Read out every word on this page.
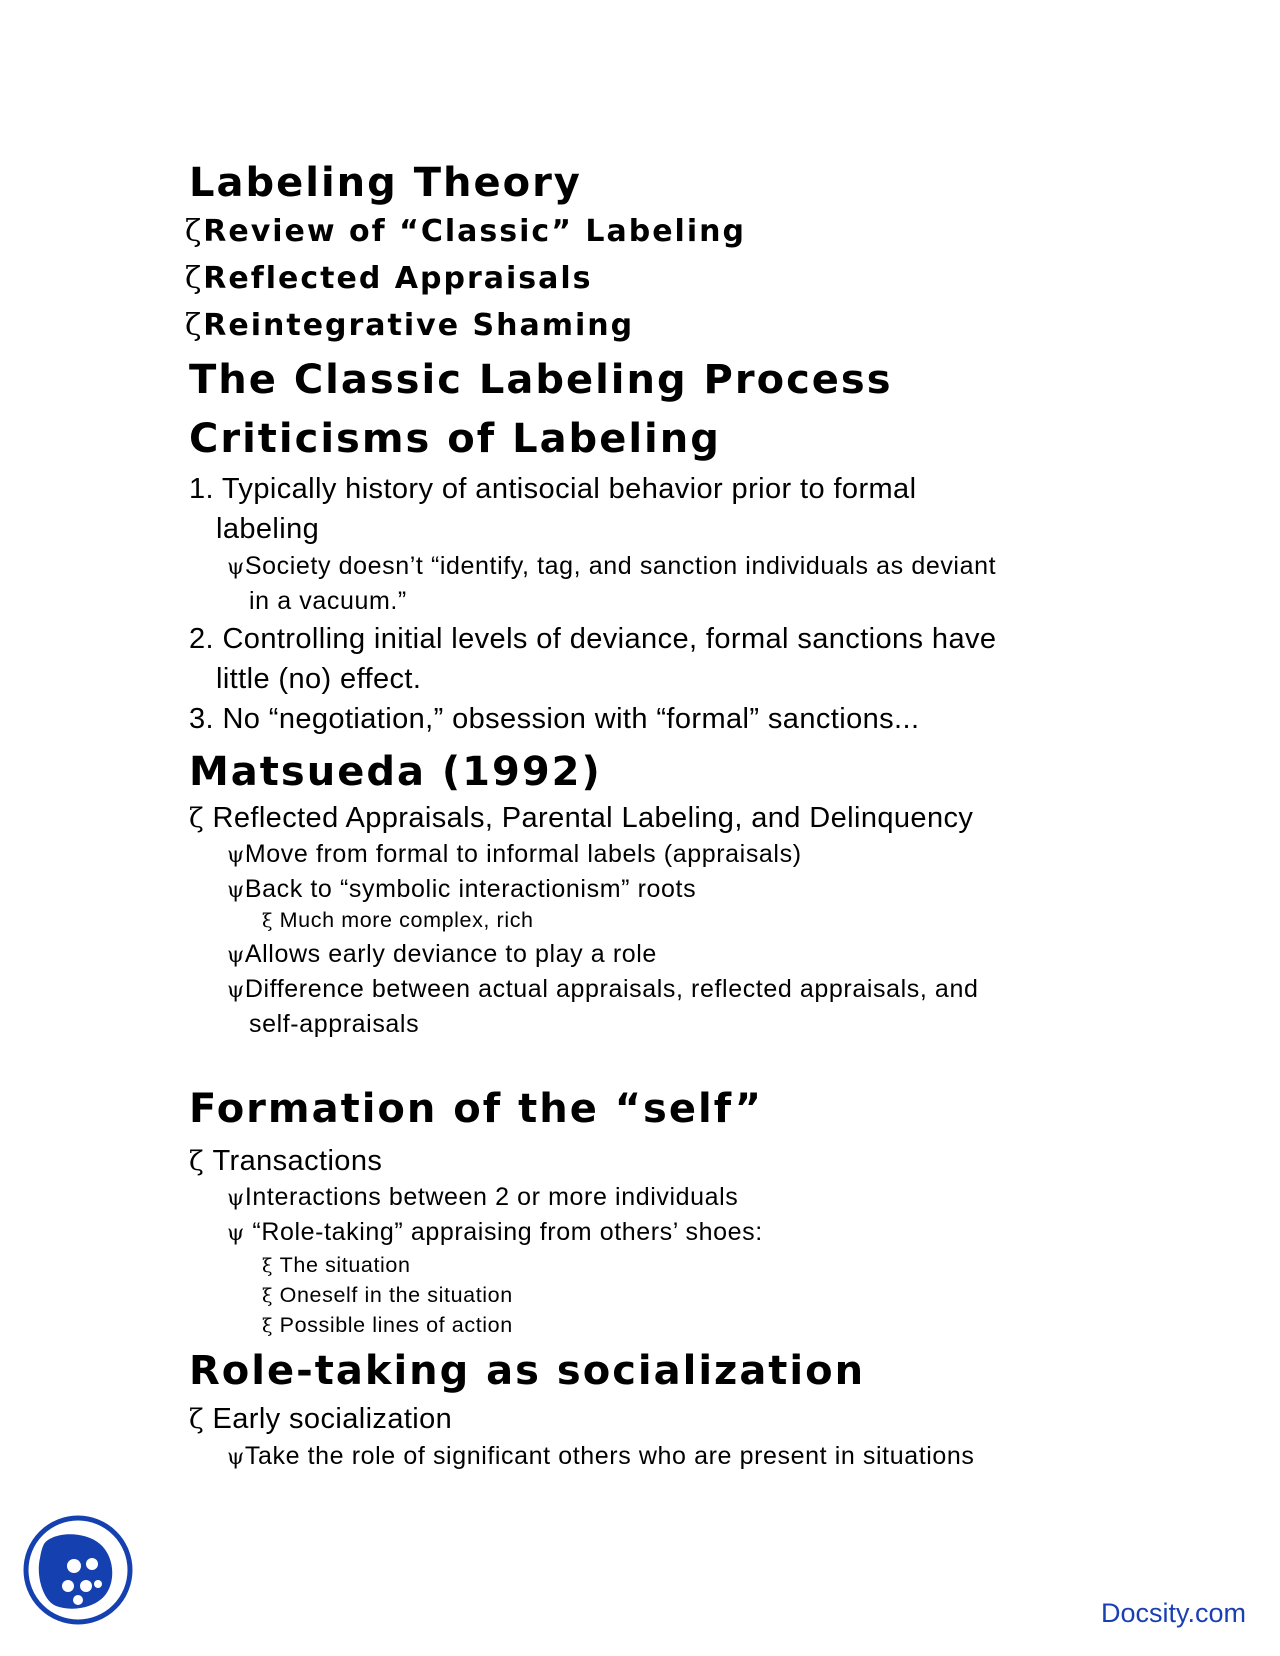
Labeling Theory

ζReview of “Classic” Labeling

ζReflected Appraisals

ζReintegrative Shaming

The Classic Labeling Process
Criticisms of Labeling

1. Typically history of antisocial behavior prior to formal

labeling

ψSociety doesn’t “identify, tag, and sanction individuals as deviant

in a vacuum.”

2. Controlling initial levels of deviance, formal sanctions have

little (no) effect.

3. No “negotiation,” obsession with “formal” sanctions...

Matsueda (1992)

ζ Reflected Appraisals, Parental Labeling, and Delinquency

ψMove from formal to informal labels (appraisals)

ψBack to “symbolic interactionism” roots

ξ Much more complex, rich

ψAllows early deviance to play a role

ψDifference between actual appraisals, reflected appraisals, and

self-appraisals

Formation of the “self”

ζ Transactions

ψInteractions between 2 or more individuals

ψ “Role-taking” appraising from others’ shoes:

ξ The situation

ξ Oneself in the situation

ξ Possible lines of action

Role-taking as socialization

ζ Early socialization

ψTake the role of significant others who are present in situations

Docsity.com
